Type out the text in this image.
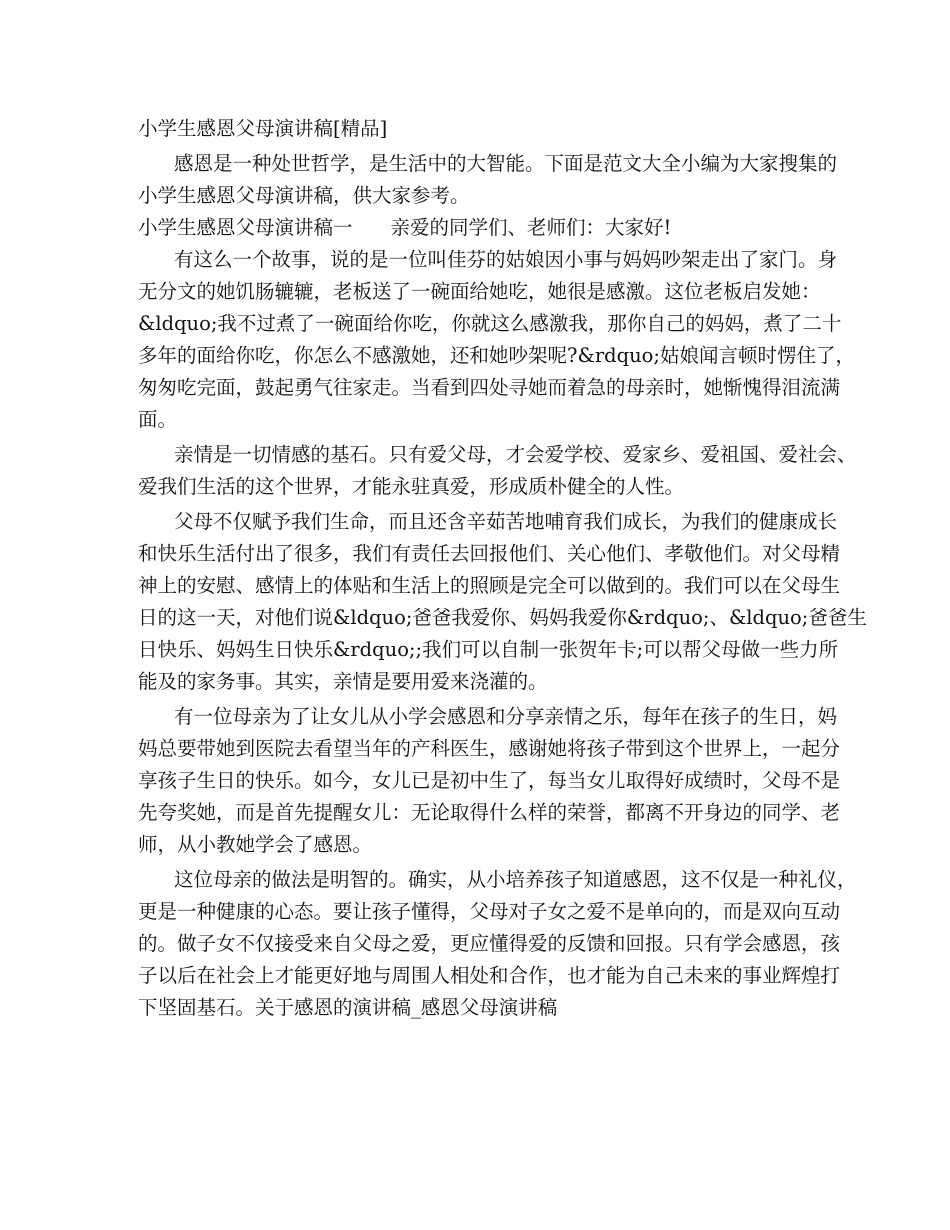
小学生感恩父母演讲稿[精品]

感恩是一种处世哲学，是生活中的大智能。下面是范文大全小编为大家搜集的

小学生感恩父母演讲稿，供大家参考。

小学生感恩父母演讲稿一 亲爱的同学们、老师们：大家好!

有这么一个故事，说的是一位叫佳芬的姑娘因小事与妈妈吵架走出了家门。身

无分文的她饥肠辘辘，老板送了一碗面给她吃，她很是感激。这位老板启发她：

&ldquo;我不过煮了一碗面给你吃，你就这么感激我，那你自己的妈妈，煮了二十

多年的面给你吃，你怎么不感激她，还和她吵架呢?&rdquo;姑娘闻言顿时愣住了，

匆匆吃完面，鼓起勇气往家走。当看到四处寻她而着急的母亲时，她惭愧得泪流满

面。

亲情是一切情感的基石。只有爱父母，才会爱学校、爱家乡、爱祖国、爱社会、

爱我们生活的这个世界，才能永驻真爱，形成质朴健全的人性。

父母不仅赋予我们生命，而且还含辛茹苦地哺育我们成长，为我们的健康成长

和快乐生活付出了很多，我们有责任去回报他们、关心他们、孝敬他们。对父母精

神上的安慰、感情上的体贴和生活上的照顾是完全可以做到的。我们可以在父母生

日的这一天，对他们说&ldquo;爸爸我爱你、妈妈我爱你&rdquo;、&ldquo;爸爸生

日快乐、妈妈生日快乐&rdquo;;我们可以自制一张贺年卡;可以帮父母做一些力所

能及的家务事。其实，亲情是要用爱来浇灌的。

有一位母亲为了让女儿从小学会感恩和分享亲情之乐，每年在孩子的生日，妈

妈总要带她到医院去看望当年的产科医生，感谢她将孩子带到这个世界上，一起分

享孩子生日的快乐。如今，女儿已是初中生了，每当女儿取得好成绩时，父母不是

先夸奖她，而是首先提醒女儿：无论取得什么样的荣誉，都离不开身边的同学、老

师，从小教她学会了感恩。

这位母亲的做法是明智的。确实，从小培养孩子知道感恩，这不仅是一种礼仪，

更是一种健康的心态。要让孩子懂得，父母对子女之爱不是单向的，而是双向互动

的。做子女不仅接受来自父母之爱，更应懂得爱的反馈和回报。只有学会感恩，孩

子以后在社会上才能更好地与周围人相处和合作，也才能为自己未来的事业辉煌打

下坚固基石。关于感恩的演讲稿_感恩父母演讲稿
